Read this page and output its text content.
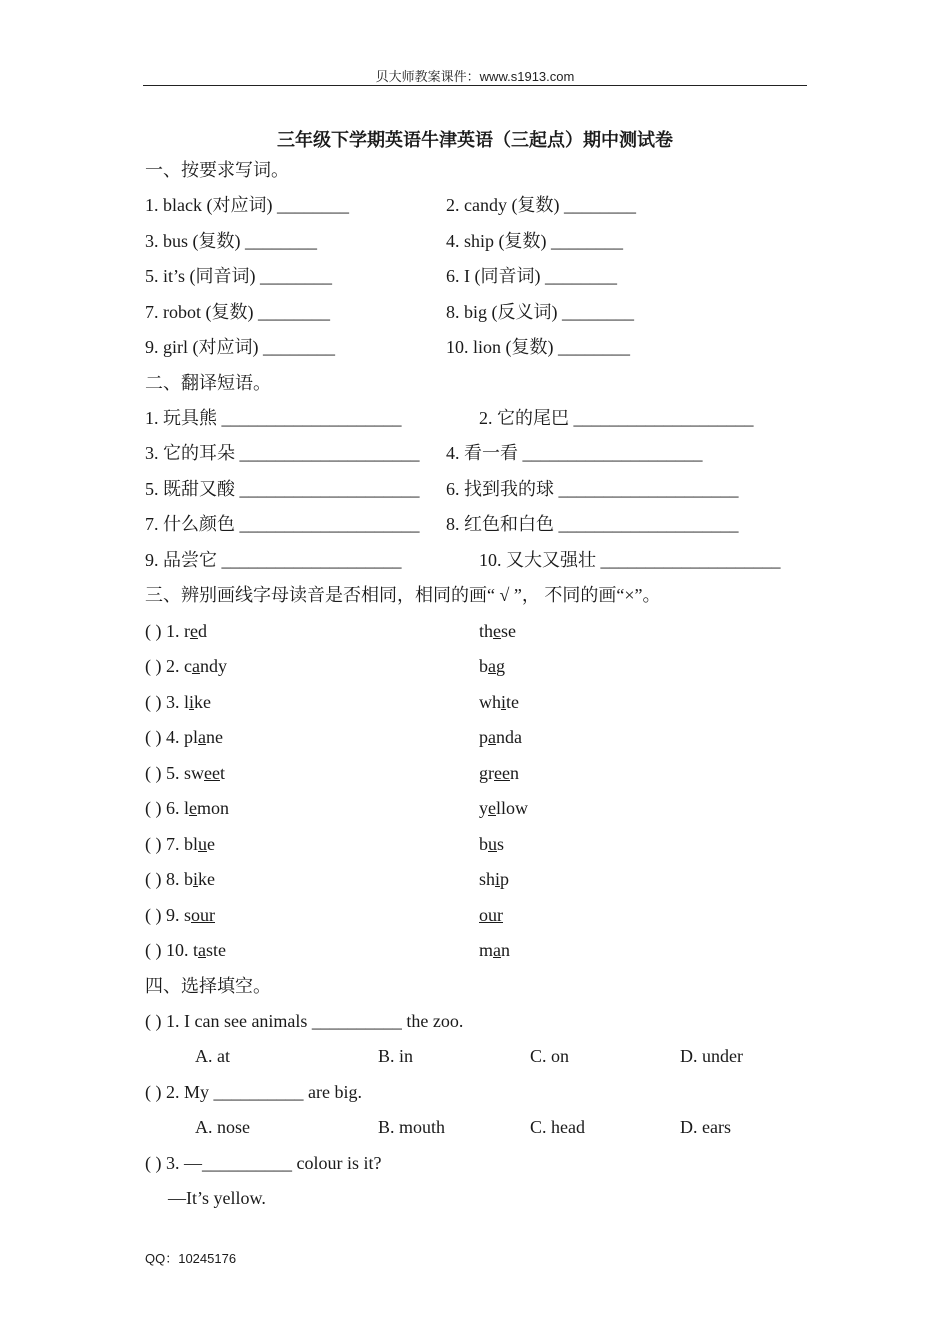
贝大师教案课件：www.s1913.com
三年级下学期英语牛津英语（三起点）期中测试卷
一、按要求写词。
1. black (对应词) ________	2. candy (复数) ________
3. bus (复数) ________	4. ship (复数) ________
5. it’s (同音词) ________	6. I (同音词) ________
7. robot (复数) ________	8. big (反义词) ________
9. girl (对应词) ________	10. lion (复数) ________
二、翻译短语。
1. 玩具熊 ____________________	2. 它的尾巴 ____________________
3. 它的耳朵 ____________________ 4. 看一看 ____________________
5. 既甜又酸 ____________________ 6. 找到我的球 ____________________
7. 什么颜色 ____________________ 8. 红色和白色 ____________________
9. 品尝它 ____________________	10. 又大又强壮 ____________________
三、辨别画线字母读音是否相同，相同的画“ √ ”， 不同的画“×”。
( ) 1. red	these
( ) 2. candy	bag
( ) 3. like	white
( ) 4. plane	panda
( ) 5. sweet	green
( ) 6. lemon	yellow
( ) 7. blue	bus
( ) 8. bike	ship
( ) 9. sour	our
( ) 10. taste	man
四、选择填空。
( ) 1. I can see animals __________ the zoo.
A. at	B. in	C. on	D. under
( ) 2. My __________ are big.
A. nose	B. mouth	C. head	D. ears
( ) 3. —__________ colour is it?
—It’s yellow.
QQ：10245176
